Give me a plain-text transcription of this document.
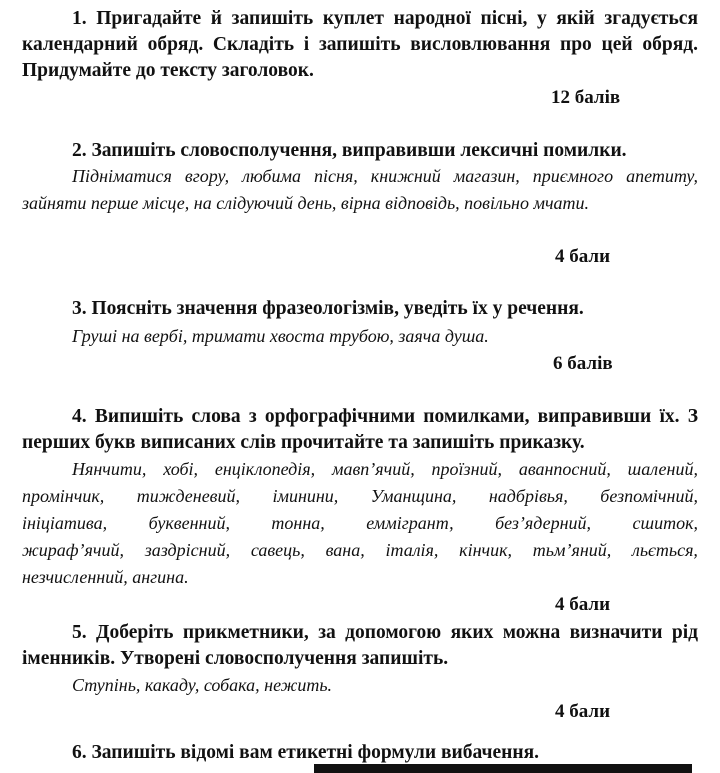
1. Пригадайте й запишіть куплет народної пісні, у якій згадується календарний обряд. Складіть і запишіть висловлювання про цей обряд. Придумайте до тексту заголовок.

12 балів

2. Запишіть словосполучення, виправивши лексичні помилки.

Підніматися вгору, любима пісня, книжний магазин, приємного апетиту, зайняти перше місце, на слідуючий день, вірна відповідь, повільно мчати.

4 бали

3. Поясніть значення фразеологізмів, уведіть їх у речення.

Груші на вербі, тримати хвоста трубою, заяча душа.

6 балів

4. Випишіть слова з орфографічними помилками, виправивши їх. З перших букв виписаних слів прочитайте та запишіть приказку.

Нянчити, хобі, енціклопедія, мавп’ячий, проїзний, аванпосний, шалений,
промінчик, тижденевий, іминини, Уманщина, надбрівья, безпомічний,
ініціатива, буквенний, тонна, еммігрант, без’ядерний, сшиток,
жираф’ячий, заздрісний, савець, вана, італія, кінчик, тьм’яний, льється,
незчисленний, ангина.
4 бали

5. Доберіть прикметники, за допомогою яких можна визначити рід іменників. Утворені словосполучення запишіть.

Ступінь, какаду, собака, нежить.

4 бали

6. Запишіть відомі вам етикетні формули вибачення.
